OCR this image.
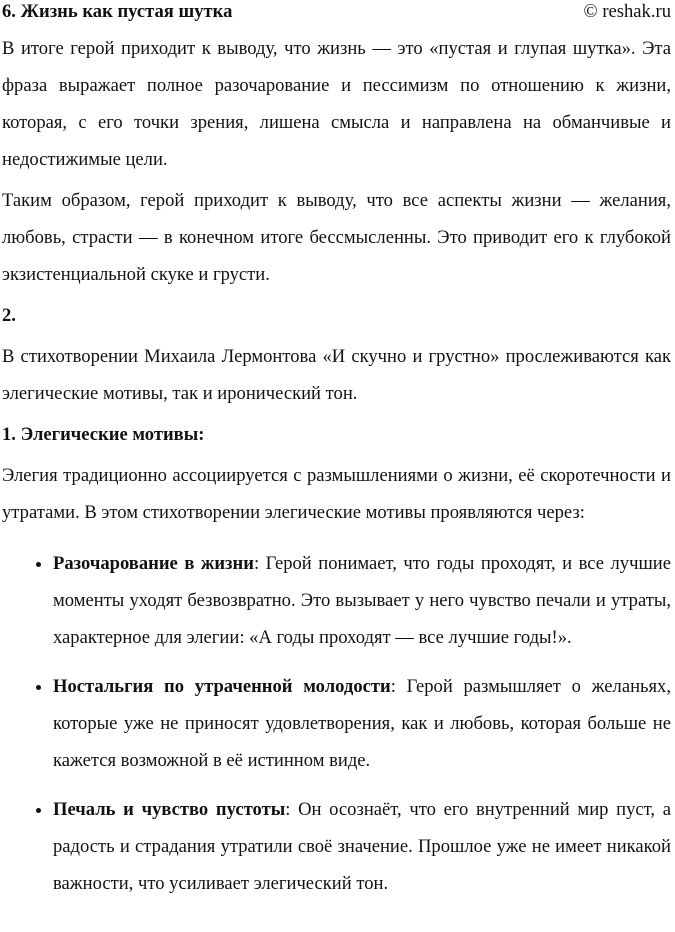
6. Жизнь как пустая шутка	© reshak.ru

В итоге герой приходит к выводу, что жизнь — это «пустая и глупая шутка». Эта фраза выражает полное разочарование и пессимизм по отношению к жизни, которая, с его точки зрения, лишена смысла и направлена на обманчивые и недостижимые цели.

Таким образом, герой приходит к выводу, что все аспекты жизни — желания, любовь, страсти — в конечном итоге бессмысленны. Это приводит его к глубокой экзистенциальной скуке и грусти.

2.

В стихотворении Михаила Лермонтова «И скучно и грустно» прослеживаются как элегические мотивы, так и иронический тон.

1. Элегические мотивы:

Элегия традиционно ассоциируется с размышлениями о жизни, её скоротечности и утратами. В этом стихотворении элегические мотивы проявляются через:

• Разочарование в жизни: Герой понимает, что годы проходят, и все лучшие моменты уходят безвозвратно. Это вызывает у него чувство печали и утраты, характерное для элегии: «А годы проходят — все лучшие годы!».
• Ностальгия по утраченной молодости: Герой размышляет о желаньях, которые уже не приносят удовлетворения, как и любовь, которая больше не кажется возможной в её истинном виде.
• Печаль и чувство пустоты: Он осознаёт, что его внутренний мир пуст, а радость и страдания утратили своё значение. Прошлое уже не имеет никакой важности, что усиливает элегический тон.
